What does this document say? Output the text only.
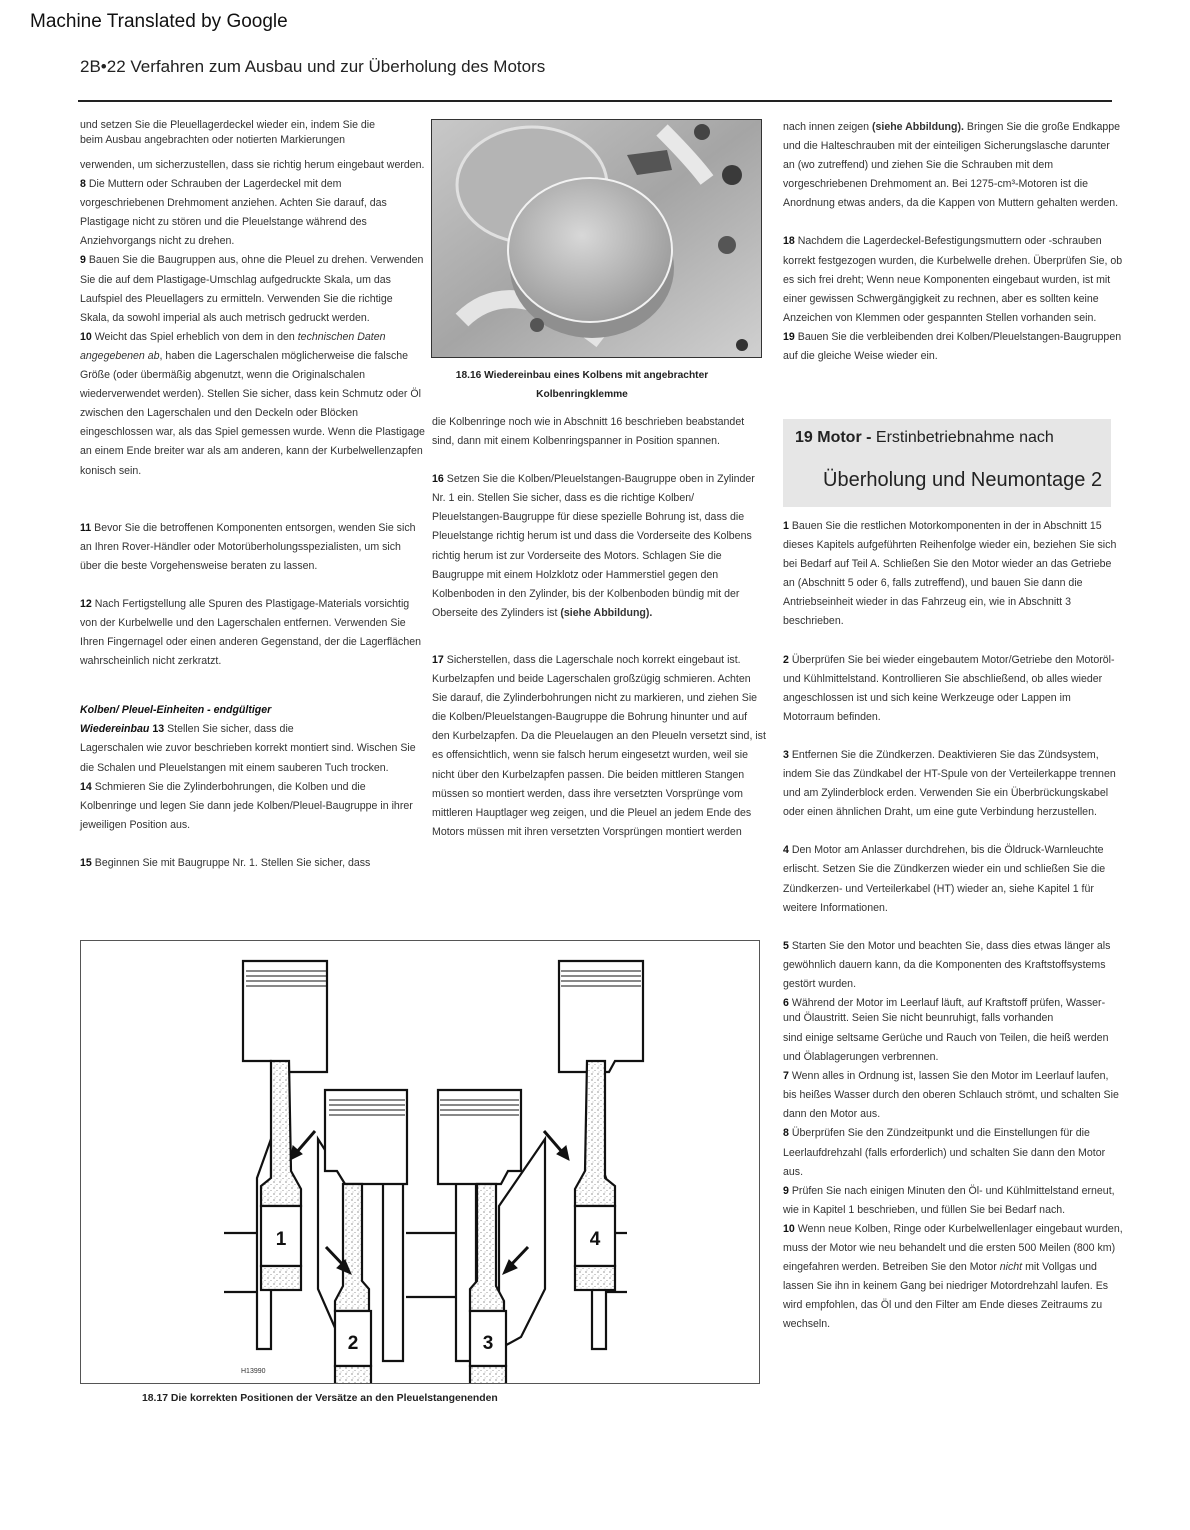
Machine Translated by Google
2B•22 Verfahren zum Ausbau und zur Überholung des Motors

und setzen Sie die Pleuellagerdeckel wieder ein, indem Sie die
beim Ausbau angebrachten oder notierten Markierungen

verwenden, um sicherzustellen, dass sie richtig herum eingebaut werden.

8 Die Muttern oder Schrauben der Lagerdeckel mit dem vorgeschriebenen Drehmoment anziehen. Achten Sie darauf, das Plastigage nicht zu stören und die Pleuelstange während des Anziehvorgangs nicht zu drehen.

9 Bauen Sie die Baugruppen aus, ohne die Pleuel zu drehen. Verwenden Sie die auf dem Plastigage-Umschlag aufgedruckte Skala, um das Laufspiel des Pleuellagers zu ermitteln. Verwenden Sie die richtige Skala, da sowohl imperial als auch metrisch gedruckt werden.

10 Weicht das Spiel erheblich von dem in den technischen Daten angegebenen ab, haben die Lagerschalen möglicherweise die falsche Größe (oder übermäßig abgenutzt, wenn die Originalschalen wiederverwendet werden). Stellen Sie sicher, dass kein Schmutz oder Öl zwischen den Lagerschalen und den Deckeln oder Blöcken eingeschlossen war, als das Spiel gemessen wurde. Wenn die Plastigage an einem Ende breiter war als am anderen, kann der Kurbelwellenzapfen konisch sein.

11 Bevor Sie die betroffenen Komponenten entsorgen, wenden Sie sich an Ihren Rover-Händler oder Motorüberholungsspezialisten, um sich über die beste Vorgehensweise beraten zu lassen.

12 Nach Fertigstellung alle Spuren des Plastigage-Materials vorsichtig von der Kurbelwelle und den Lagerschalen entfernen. Verwenden Sie Ihren Fingernagel oder einen anderen Gegenstand, der die Lagerflächen wahrscheinlich nicht zerkratzt.

Kolben/ Pleuel-Einheiten - endgültiger

Wiedereinbau 13 Stellen Sie sicher, dass die

Lagerschalen wie zuvor beschrieben korrekt montiert sind. Wischen Sie die Schalen und Pleuelstangen mit einem sauberen Tuch trocken.

14 Schmieren Sie die Zylinderbohrungen, die Kolben und die Kolbenringe und legen Sie dann jede Kolben/Pleuel-Baugruppe in ihrer jeweiligen Position aus.

15 Beginnen Sie mit Baugruppe Nr. 1. Stellen Sie sicher, dass

18.16 Wiedereinbau eines Kolbens mit angebrachter
Kolbenringklemme

die Kolbenringe noch wie in Abschnitt 16 beschrieben beabstandet sind, dann mit einem Kolbenringspanner in Position spannen.

16 Setzen Sie die Kolben/Pleuelstangen-Baugruppe oben in Zylinder Nr. 1 ein. Stellen Sie sicher, dass es die richtige Kolben/ Pleuelstangen-Baugruppe für diese spezielle Bohrung ist, dass die Pleuelstange richtig herum ist und dass die Vorderseite des Kolbens richtig herum ist zur Vorderseite des Motors. Schlagen Sie die Baugruppe mit einem Holzklotz oder Hammerstiel gegen den Kolbenboden in den Zylinder, bis der Kolbenboden bündig mit der Oberseite des Zylinders ist (siehe Abbildung).

17 Sicherstellen, dass die Lagerschale noch korrekt eingebaut ist. Kurbelzapfen und beide Lagerschalen großzügig schmieren. Achten Sie darauf, die Zylinderbohrungen nicht zu markieren, und ziehen Sie die Kolben/Pleuelstangen-Baugruppe die Bohrung hinunter und auf den Kurbelzapfen. Da die Pleuelaugen an den Pleueln versetzt sind, ist es offensichtlich, wenn sie falsch herum eingesetzt wurden, weil sie nicht über den Kurbelzapfen passen. Die beiden mittleren Stangen müssen so montiert werden, dass ihre versetzten Vorsprünge vom mittleren Hauptlager weg zeigen, und die Pleuel an jedem Ende des Motors müssen mit ihren versetzten Vorsprüngen montiert werden

nach innen zeigen (siehe Abbildung). Bringen Sie die große Endkappe und die Halteschrauben mit der einteiligen Sicherungslasche darunter an (wo zutreffend) und ziehen Sie die Schrauben mit dem vorgeschriebenen Drehmoment an. Bei 1275-cm³-Motoren ist die Anordnung etwas anders, da die Kappen von Muttern gehalten werden.

18 Nachdem die Lagerdeckel-Befestigungsmuttern oder -schrauben korrekt festgezogen wurden, die Kurbelwelle drehen. Überprüfen Sie, ob es sich frei dreht; Wenn neue Komponenten eingebaut wurden, ist mit einer gewissen Schwergängigkeit zu rechnen, aber es sollten keine Anzeichen von Klemmen oder gespannten Stellen vorhanden sein.

19 Bauen Sie die verbleibenden drei Kolben/Pleuelstangen-Baugruppen auf die gleiche Weise wieder ein.

19 Motor - Erstinbetriebnahme nach
Überholung und Neumontage 2

1 Bauen Sie die restlichen Motorkomponenten in der in Abschnitt 15 dieses Kapitels aufgeführten Reihenfolge wieder ein, beziehen Sie sich bei Bedarf auf Teil A. Schließen Sie den Motor wieder an das Getriebe an (Abschnitt 5 oder 6, falls zutreffend), und bauen Sie dann die Antriebseinheit wieder in das Fahrzeug ein, wie in Abschnitt 3 beschrieben.

2 Überprüfen Sie bei wieder eingebautem Motor/Getriebe den Motoröl- und Kühlmittelstand. Kontrollieren Sie abschließend, ob alles wieder angeschlossen ist und sich keine Werkzeuge oder Lappen im Motorraum befinden.

3 Entfernen Sie die Zündkerzen. Deaktivieren Sie das Zündsystem, indem Sie das Zündkabel der HT-Spule von der Verteilerkappe trennen und am Zylinderblock erden. Verwenden Sie ein Überbrückungskabel oder einen ähnlichen Draht, um eine gute Verbindung herzustellen.

4 Den Motor am Anlasser durchdrehen, bis die Öldruck-Warnleuchte erlischt. Setzen Sie die Zündkerzen wieder ein und schließen Sie die Zündkerzen- und Verteilerkabel (HT) wieder an, siehe Kapitel 1 für weitere Informationen.

5 Starten Sie den Motor und beachten Sie, dass dies etwas länger als gewöhnlich dauern kann, da die Komponenten des Kraftstoffsystems gestört wurden.

6 Während der Motor im Leerlauf läuft, auf Kraftstoff prüfen, Wasser- und Ölaustritt. Seien Sie nicht beunruhigt, falls vorhanden

sind einige seltsame Gerüche und Rauch von Teilen, die heiß werden und Ölablagerungen verbrennen.

7 Wenn alles in Ordnung ist, lassen Sie den Motor im Leerlauf laufen, bis heißes Wasser durch den oberen Schlauch strömt, und schalten Sie dann den Motor aus.

8 Überprüfen Sie den Zündzeitpunkt und die Einstellungen für die Leerlaufdrehzahl (falls erforderlich) und schalten Sie dann den Motor aus.

9 Prüfen Sie nach einigen Minuten den Öl- und Kühlmittelstand erneut, wie in Kapitel 1 beschrieben, und füllen Sie bei Bedarf nach.

10 Wenn neue Kolben, Ringe oder Kurbelwellenlager eingebaut wurden, muss der Motor wie neu behandelt und die ersten 500 Meilen (800 km) eingefahren werden. Betreiben Sie den Motor nicht mit Vollgas und lassen Sie ihn in keinem Gang bei niedriger Motordrehzahl laufen. Es wird empfohlen, das Öl und den Filter am Ende dieses Zeitraums zu wechseln.

1
2	3
4
H13990
18.17 Die korrekten Positionen der Versätze an den Pleuelstangenenden
